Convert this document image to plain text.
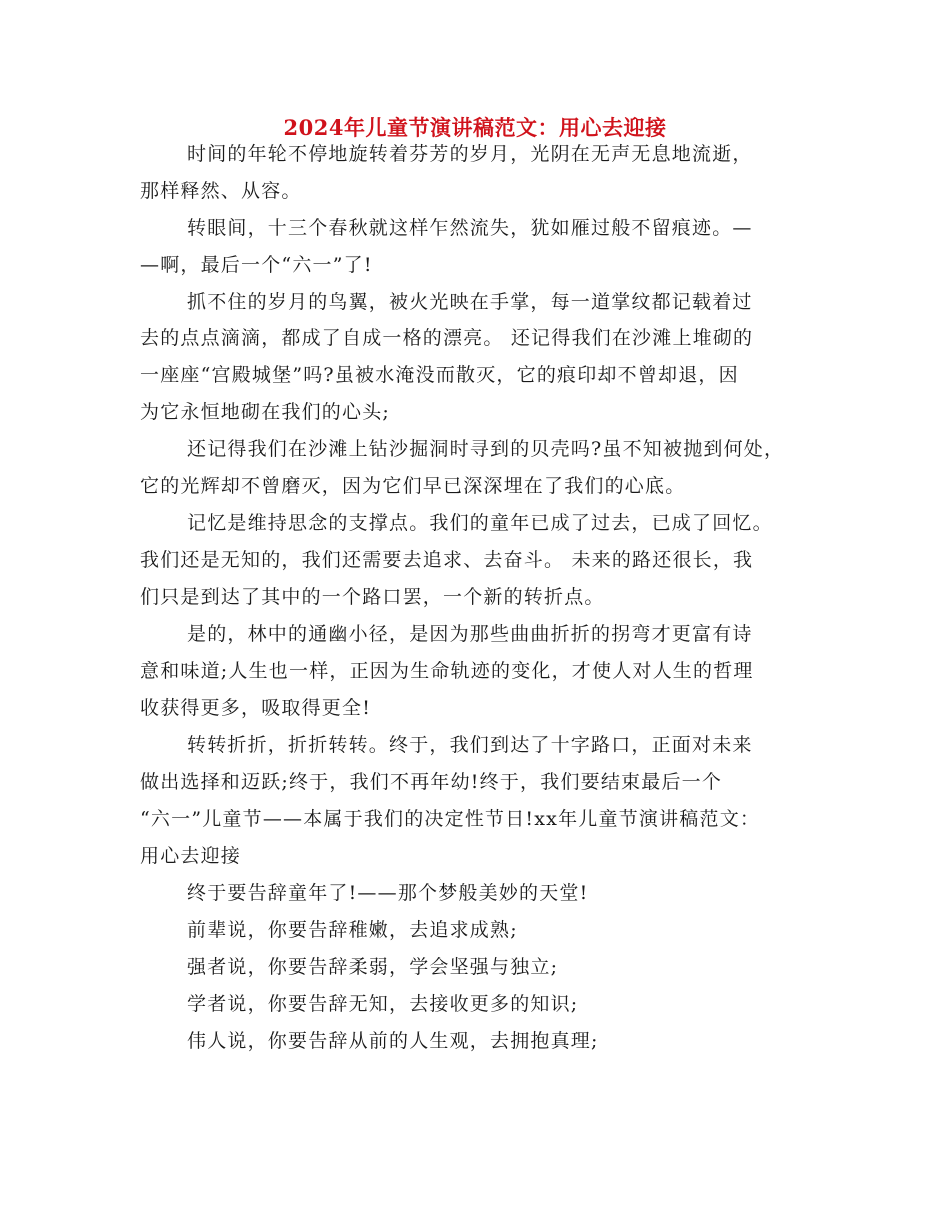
2024年儿童节演讲稿范文：用心去迎接
时间的年轮不停地旋转着芬芳的岁月，光阴在无声无息地流逝，
那样释然、从容。
转眼间，十三个春秋就这样乍然流失，犹如雁过般不留痕迹。—
—啊，最后一个“六一”了!
抓不住的岁月的鸟翼，被火光映在手掌，每一道掌纹都记载着过
去的点点滴滴，都成了自成一格的漂亮。 还记得我们在沙滩上堆砌的
一座座“宫殿城堡”吗?虽被水淹没而散灭，它的痕印却不曾却退，因
为它永恒地砌在我们的心头;
还记得我们在沙滩上钻沙掘洞时寻到的贝壳吗?虽不知被抛到何处，
它的光辉却不曾磨灭，因为它们早已深深埋在了我们的心底。
记忆是维持思念的支撑点。我们的童年已成了过去，已成了回忆。
我们还是无知的，我们还需要去追求、去奋斗。 未来的路还很长，我
们只是到达了其中的一个路口罢，一个新的转折点。
是的，林中的通幽小径，是因为那些曲曲折折的拐弯才更富有诗
意和味道;人生也一样，正因为生命轨迹的变化，才使人对人生的哲理
收获得更多，吸取得更全!
转转折折，折折转转。终于，我们到达了十字路口，正面对未来
做出选择和迈跃;终于，我们不再年幼!终于，我们要结束最后一个
“六一”儿童节——本属于我们的决定性节日!xx年儿童节演讲稿范文：
用心去迎接
终于要告辞童年了!——那个梦般美妙的天堂!
前辈说，你要告辞稚嫩，去追求成熟;
强者说，你要告辞柔弱，学会坚强与独立;
学者说，你要告辞无知，去接收更多的知识;
伟人说，你要告辞从前的人生观，去拥抱真理;
